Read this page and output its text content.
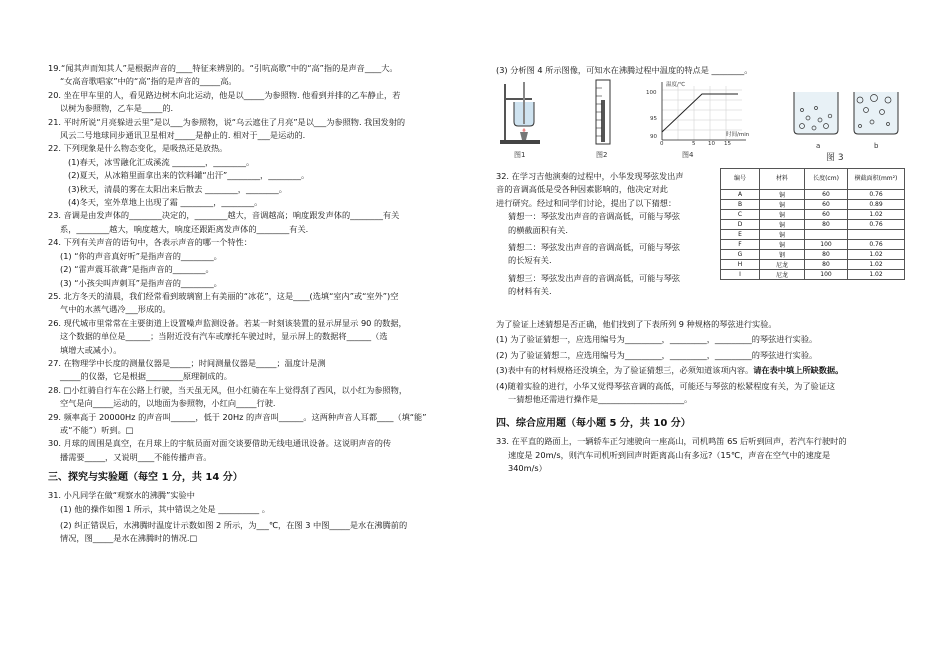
19.“闻其声而知其人”是根据声音的____特征来辨别的。“引吭高歌”中的“高”指的是声音____大。
“女高音歌唱家”中的“高”指的是声音的_____高。
20. 坐在甲车里的人，看见路边树木向北运动，他是以_____为参照物. 他看到并排的乙车静止，若
以树为参照物，乙车是_____的.
21. 平时所说“月亮躲进云里”是以___为参照物，说“乌云遮住了月亮”是以___为参照物. 我国发射的
风云二号地球同步通讯卫星相对_____是静止的. 相对于___是运动的.
22. 下列现象是什么物态变化，是吸热还是放热。
(1)春天，冰雪融化汇成溪流 ________，________。
(2)夏天，从冰箱里面拿出来的饮料罐“出汗”________，________。
(3)秋天，清晨的雾在太阳出来后散去 ________，________。
(4)冬天，室外草地上出现了霜 ________，________。
23. 音调是由发声体的________决定的，________越大，音调越高；响度跟发声体的________有关
系，________越大，响度越大，响度还跟距离发声体的________有关.
24. 下列有关声音的语句中，各表示声音的哪一个特性：
(1) “你的声音真好听”是指声音的________。
(2) “雷声震耳欲聋”是指声音的________。
(3) “小孩尖叫声刺耳”是指声音的________。
25. 北方冬天的清晨，我们经常看到玻璃窗上有美丽的“冰花”，这是____(选填“室内”或“室外”)空
气中的水蒸气遇冷___形成的。
26. 现代城市里常常在主要街道上设置噪声监测设备。若某一时刻该装置的显示屏显示 90 的数据，
这个数据的单位是______；当附近没有汽车或摩托车驶过时，显示屏上的数据将______（选
填增大或减小）。
27. 在物理学中长度的测量仪器是_____；时间测量仪器是_____；温度计是测
_____的仪器，它是根据_________原理制成的。
28. □小红骑自行车在公路上行驶，当天虽无风，但小红骑在车上觉得刮了西风，以小红为参照物，
空气是向_____运动的，以地面为参照物，小红向_____行驶.
29. 频率高于 20000Hz 的声音叫______，低于 20Hz 的声音叫______。这两种声音人耳都____（填“能”
或“不能”）听到。□
30. 月球的周围是真空，在月球上的宇航员面对面交谈要借助无线电通讯设备。这说明声音的传
播需要_____，又说明____不能传播声音。
三、探究与实验题（每空 1 分，共 14 分）
31. 小凡同学在做“观察水的沸腾”实验中
(1) 他的操作如图 1 所示，其中错误之处是 __________ 。
(2) 纠正错误后，水沸腾时温度计示数如图 2 所示，为___℃，在图 3 中图_____是水在沸腾前的
情况，图_____是水在沸腾时的情况.□
(3) 分析图 4 所示图像，可知水在沸腾过程中温度的特点是 ________。
图1	图2
温度/℃
100
95
90	时间/min
0	5 10 15
图4
a	b
图 3
32. 在学习吉他演奏的过程中，小华发现琴弦发出声
音的音调高低是受各种因素影响的，他决定对此
进行研究。经过和同学们讨论，提出了以下猜想：
猜想一：琴弦发出声音的音调高低，可能与琴弦
的横截面积有关.
猜想二：琴弦发出声音的音调高低，可能与琴弦
的长短有关.
猜想三：琴弦发出声音的音调高低，可能与琴弦
的材料有关.
编号	材料	长度(cm)	横截面积(mm²)
A	铜	60	0.76
B	铜	60	0.89
C	铜	60	1.02
D	铜	80	0.76
E	铜		
F	铜	100	0.76
G	钢	80	1.02
H	尼龙	80	1.02
I	尼龙	100	1.02
为了验证上述猜想是否正确，他们找到了下表所列 9 种规格的琴弦进行实验。
(1) 为了验证猜想一，应选用编号为_________，_________，_________的琴弦进行实验。
(2) 为了验证猜想二，应选用编号为_________，_________，_________的琴弦进行实验。
(3)表中有的材料规格还没填全，为了验证猜想三，必须知道该项内容。请在表中填上所缺数据。
(4)随着实验的进行，小华又觉得琴弦音调的高低，可能还与琴弦的松紧程度有关，为了验证这
一猜想他还需进行操作是_____________________。
四、综合应用题（每小题 5 分，共 10 分）
33. 在平直的路面上，一辆轿车正匀速驶向一座高山，司机鸣笛 6S 后听到回声，若汽车行驶时的
速度是 20m/s，则汽车司机听到回声时距离高山有多远?（15℃，声音在空气中的速度是
340m/s）
